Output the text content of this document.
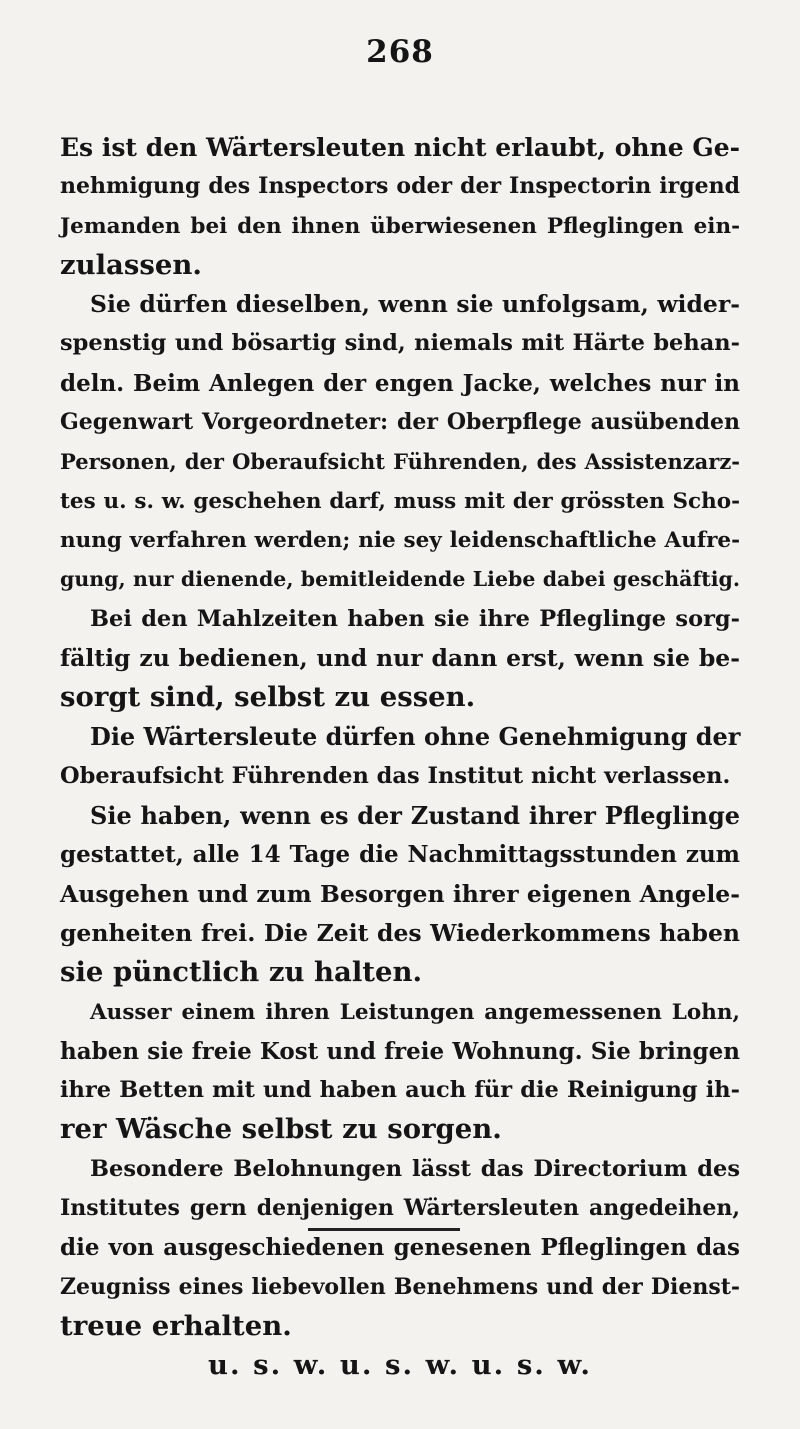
268
Es ist den Wärtersleuten nicht erlaubt, ohne Ge-
nehmigung des Inspectors oder der Inspectorin irgend
Jemanden bei den ihnen überwiesenen Pfleglingen ein-
zulassen.
Sie dürfen dieselben, wenn sie unfolgsam, wider-
spenstig und bösartig sind, niemals mit Härte behan-
deln. Beim Anlegen der engen Jacke, welches nur in
Gegenwart Vorgeordneter: der Oberpflege ausübenden
Personen, der Oberaufsicht Führenden, des Assistenzarz-
tes u. s. w. geschehen darf, muss mit der grössten Scho-
nung verfahren werden; nie sey leidenschaftliche Aufre-
gung, nur dienende, bemitleidende Liebe dabei geschäftig.
Bei den Mahlzeiten haben sie ihre Pfleglinge sorg-
fältig zu bedienen, und nur dann erst, wenn sie be-
sorgt sind, selbst zu essen.
Die Wärtersleute dürfen ohne Genehmigung der
Oberaufsicht Führenden das Institut nicht verlassen.
Sie haben, wenn es der Zustand ihrer Pfleglinge
gestattet, alle 14 Tage die Nachmittagsstunden zum
Ausgehen und zum Besorgen ihrer eigenen Angele-
genheiten frei. Die Zeit des Wiederkommens haben
sie pünctlich zu halten.
Ausser einem ihren Leistungen angemessenen Lohn,
haben sie freie Kost und freie Wohnung. Sie bringen
ihre Betten mit und haben auch für die Reinigung ih-
rer Wäsche selbst zu sorgen.
Besondere Belohnungen lässt das Directorium des
Institutes gern denjenigen Wärtersleuten angedeihen,
die von ausgeschiedenen genesenen Pfleglingen das
Zeugniss eines liebevollen Benehmens und der Dienst-
treue erhalten.
u. s. w. u. s. w. u. s. w.
